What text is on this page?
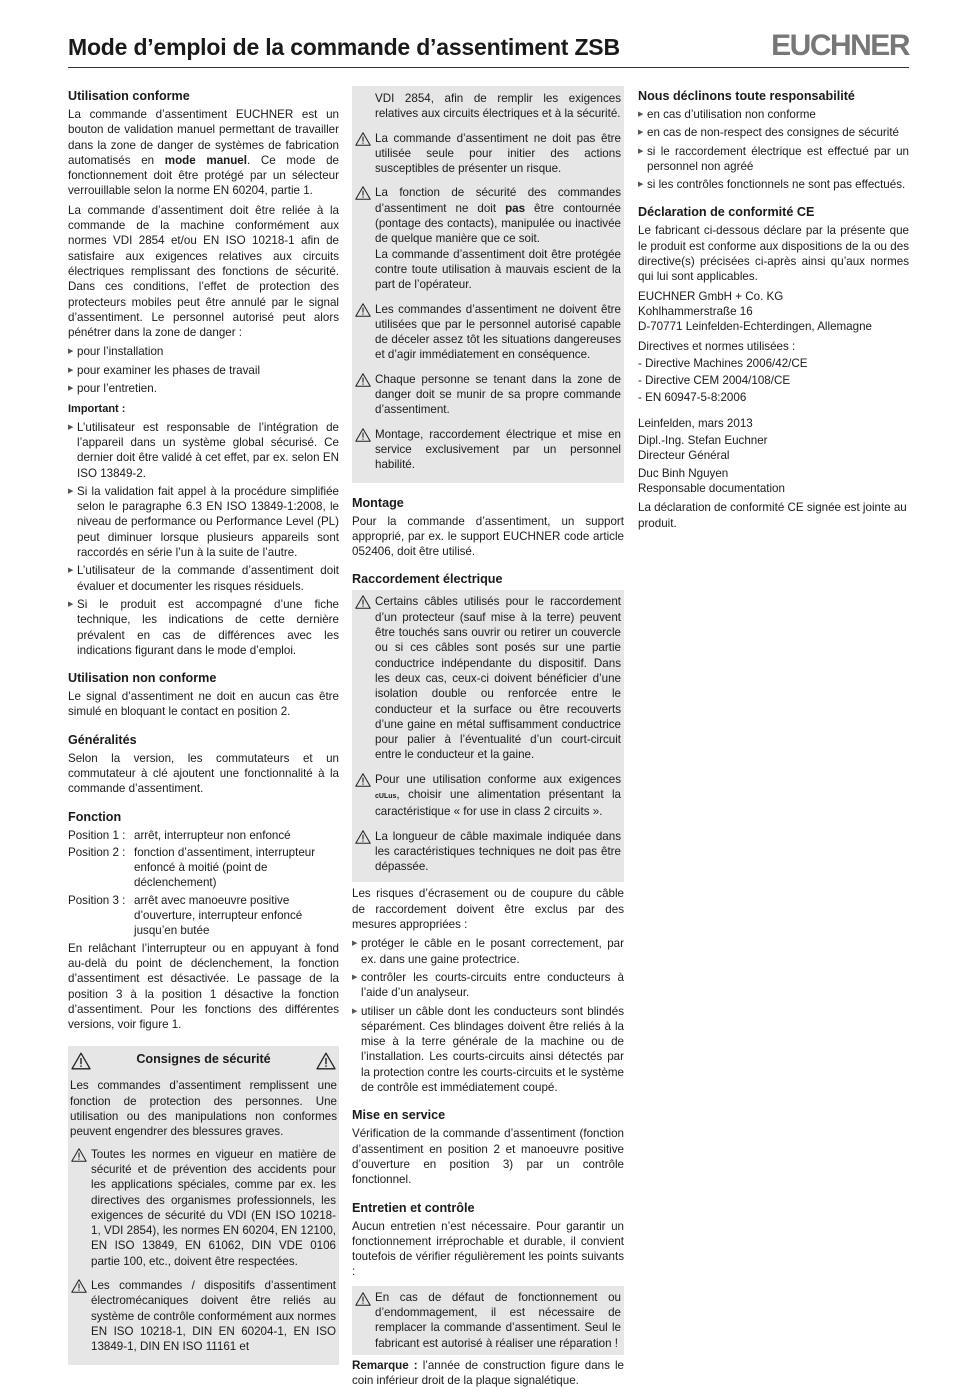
Mode d’emploi de la commande d’assentiment ZSB	EUCHNER
Utilisation conforme

La commande d’assentiment EUCHNER est un bouton de validation manuel permettant de travailler dans la zone de danger de systèmes de fabrication automatisés en mode manuel. Ce mode de fonctionnement doit être protégé par un sélecteur verrouillable selon la norme EN 60204, partie 1.

La commande d’assentiment doit être reliée à la commande de la machine conformément aux normes VDI 2854 et/ou EN ISO 10218-1 afin de satisfaire aux exigences relatives aux circuits électriques remplissant des fonctions de sécurité. Dans ces conditions, l’effet de protection des protecteurs mobiles peut être annulé par le signal d’assentiment. Le personnel autorisé peut alors pénétrer dans la zone de danger :

▶ pour l’installation
▶ pour examiner les phases de travail
▶ pour l’entretien.
Important :
▶ L’utilisateur est responsable de l’intégration de l’appareil dans un système global sécurisé. Ce dernier doit être validé à cet effet, par ex. selon EN ISO 13849-2.
▶ Si la validation fait appel à la procédure simplifiée selon le paragraphe 6.3 EN ISO 13849-1:2008, le niveau de performance ou Performance Level (PL) peut diminuer lorsque plusieurs appareils sont raccordés en série l’un à la suite de l’autre.
▶ L’utilisateur de la commande d’assentiment doit évaluer et documenter les risques résiduels.
▶ Si le produit est accompagné d’une fiche technique, les indications de cette dernière prévalent en cas de différences avec les indications figurant dans le mode d’emploi.
Utilisation non conforme

Le signal d’assentiment ne doit en aucun cas être simulé en bloquant le contact en position 2.

Généralités

Selon la version, les commutateurs et un commutateur à clé ajoutent une fonctionnalité à la commande d’assentiment.

Fonction
Position 1 : arrêt, interrupteur non enfoncé
Position 2 : fonction d’assentiment, interrupteur enfoncé à moitié (point de déclenchement)
Position 3 : arrêt avec manoeuvre positive d’ouverture, interrupteur enfoncé jusqu’en butée

En relâchant l’interrupteur ou en appuyant à fond au-delà du point de déclenchement, la fonction d’assentiment est désactivée. Le passage de la position 3 à la position 1 désactive la fonction d’assentiment. Pour les fonctions des différentes versions, voir figure 1.

Consignes de sécurité

Les commandes d’assentiment remplissent une fonction de protection des personnes. Une utilisation ou des manipulations non conformes peuvent engendrer des blessures graves.

Toutes les normes en vigueur en matière de sécurité et de prévention des accidents pour les applications spéciales, comme par ex. les directives des organismes professionnels, les exigences de sécurité du VDI (EN ISO 10218-1, VDI 2854), les normes EN 60204, EN 12100, EN ISO 13849, EN 61062, DIN VDE 0106 partie 100, etc., doivent être respectées.
Les commandes / dispositifs d’assentiment électromécaniques doivent être reliés au système de contrôle conformément aux normes EN ISO 10218-1, DIN EN 60204-1, EN ISO 13849-1, DIN EN ISO 11161 et
VDI 2854, afin de remplir les exigences relatives aux circuits électriques et à la sécurité.
La commande d’assentiment ne doit pas être utilisée seule pour initier des actions susceptibles de présenter un risque.
La fonction de sécurité des commandes d’assentiment ne doit pas être contournée (pontage des contacts), manipulée ou inactivée de quelque manière que ce soit.
La commande d’assentiment doit être protégée contre toute utilisation à mauvais escient de la part de l’opérateur.
Les commandes d’assentiment ne doivent être utilisées que par le personnel autorisé capable de déceler assez tôt les situations dangereuses et d’agir immédiatement en conséquence.
Chaque personne se tenant dans la zone de danger doit se munir de sa propre commande d’assentiment.
Montage, raccordement électrique et mise en service exclusivement par un personnel habilité.
Montage

Pour la commande d’assentiment, un support approprié, par ex. le support EUCHNER code article 052406, doit être utilisé.

Raccordement électrique
Certains câbles utilisés pour le raccordement d’un protecteur (sauf mise à la terre) peuvent être touchés sans ouvrir ou retirer un couvercle ou si ces câbles sont posés sur une partie conductrice indépendante du dispositif. Dans les deux cas, ceux-ci doivent bénéficier d’une isolation double ou renforcée entre le conducteur et la surface ou être recouverts d’une gaine en métal suffisamment conductrice pour palier à l’éventualité d’un court-circuit entre le conducteur et la gaine.
Pour une utilisation conforme aux exigences cULus, choisir une alimentation présentant la caractéristique « for use in class 2 circuits ».
La longueur de câble maximale indiquée dans les caractéristiques techniques ne doit pas être dépassée.

Les risques d’écrasement ou de coupure du câble de raccordement doivent être exclus par des mesures appropriées :

▶ protéger le câble en le posant correctement, par ex. dans une gaine protectrice.
▶ contrôler les courts-circuits entre conducteurs à l’aide d’un analyseur.
▶ utiliser un câble dont les conducteurs sont blindés séparément. Ces blindages doivent être reliés à la mise à la terre générale de la machine ou de l’installation. Les courts-circuits ainsi détectés par la protection contre les courts-circuits et le système de contrôle est immédiatement coupé.
Mise en service

Vérification de la commande d’assentiment (fonction d’assentiment en position 2 et manoeuvre positive d’ouverture en position 3) par un contrôle fonctionnel.

Entretien et contrôle

Aucun entretien n’est nécessaire. Pour garantir un fonctionnement irréprochable et durable, il convient toutefois de vérifier régulièrement les points suivants :

En cas de défaut de fonctionnement ou d’endommagement, il est nécessaire de remplacer la commande d’assentiment. Seul le fabricant est autorisé à réaliser une réparation !

Remarque : l’année de construction figure dans le coin inférieur droit de la plaque signalétique.

Nous déclinons toute responsabilité
▶ en cas d’utilisation non conforme
▶ en cas de non-respect des consignes de sécurité
▶ si le raccordement électrique est effectué par un personnel non agréé
▶ si les contrôles fonctionnels ne sont pas effectués.
Déclaration de conformité CE

Le fabricant ci-dessous déclare par la présente que le produit est conforme aux dispositions de la ou des directive(s) précisées ci-après ainsi qu’aux normes qui lui sont applicables.

EUCHNER GmbH + Co. KG

Kohlhammerstraße 16

D-70771 Leinfelden-Echterdingen, Allemagne

Directives et normes utilisées :

- Directive Machines 2006/42/CE

- Directive CEM 2004/108/CE

- EN 60947-5-8:2006

Leinfelden, mars 2013

Dipl.-Ing. Stefan Euchner

Directeur Général

Duc Binh Nguyen

Responsable documentation

La déclaration de conformité CE signée est jointe au produit.
